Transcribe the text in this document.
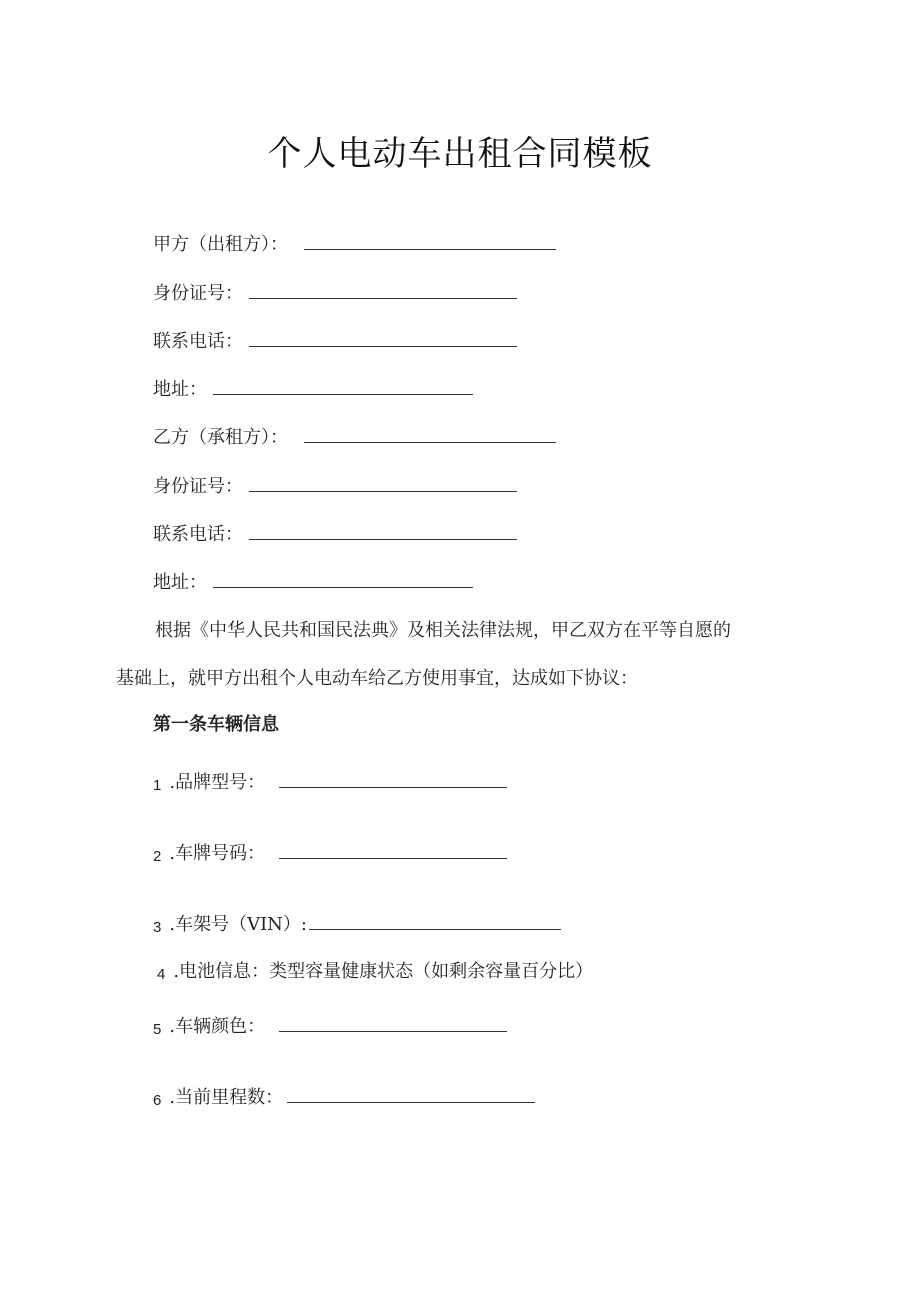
个人电动车出租合同模板
甲方（出租方）：
身份证号：
联系电话：
地址：
乙方（承租方）：
身份证号：
联系电话：
地址：
根据《中华人民共和国民法典》及相关法律法规，甲乙双方在平等自愿的
基础上，就甲方出租个人电动车给乙方使用事宜，达成如下协议：
第一条车辆信息
1 .品牌型号：
2 .车牌号码：
3 .车架号（VIN）:
4 .电池信息：类型容量健康状态（如剩余容量百分比）
5 .车辆颜色：
6 .当前里程数：
